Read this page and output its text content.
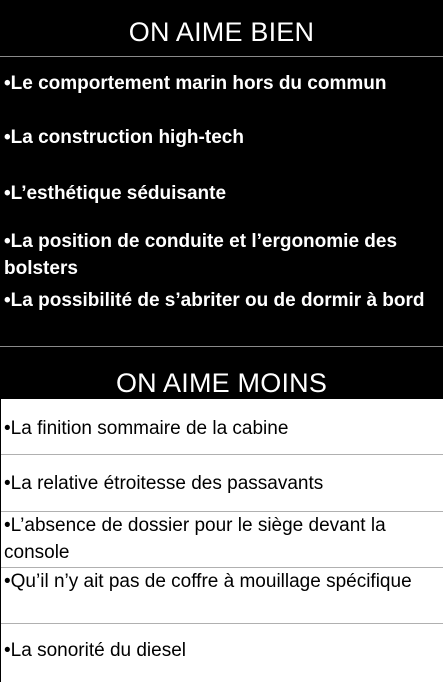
ON AIME BIEN
•Le comportement marin hors du commun
•La construction high-tech
•L’esthétique séduisante
•La position de conduite et l’ergonomie des bolsters
•La possibilité de s’abriter ou de dormir à bord
ON AIME MOINS
•La finition sommaire de la cabine
•La relative étroitesse des passavants
•L’absence de dossier pour le siège devant la console
•Qu’il n’y ait pas de coffre à mouillage spécifique
•La sonorité du diesel
